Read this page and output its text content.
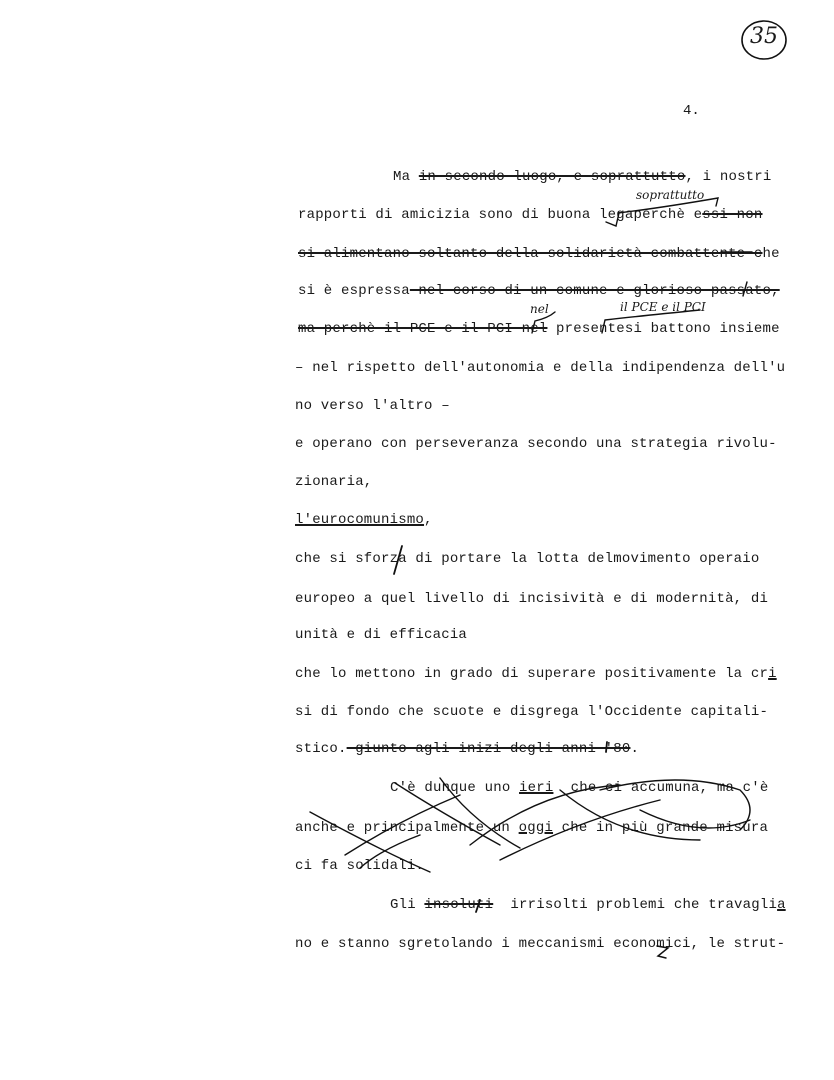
35
4.
Ma in secondo luogo, e soprattutto, i nostri
soprattutto
rapporti di amicizia sono di buona legaperchè essi non
si alimentano soltanto della solidarietà combattente che
si è espressa nel corso di un comune e glorioso passato,
nel	il PCE e il PCI
ma perchè il PCE e il PCI nel presentesi battono insieme
– nel rispetto dell'autonomia e della indipendenza dell'u
no verso l'altro –
e operano con perseveranza secondo una strategia rivolu-
zionaria,
l'eurocomunismo,
che si sforza di portare la lotta delmovimento operaio
europeo a quel livello di incisività e di modernità, di
unità e di efficacia
che lo mettono in grado di superare positivamente la cri
si di fondo che scuote e disgrega l'Occidente capitali-
stico. giunto agli inizi degli anni '80.
C'è dunque uno ieri  che ci accumuna, ma c'è
anche e principalmente un oggi che in più grande misura
ci fa solidali.
Gli insoluti  irrisolti problemi che travaglia
no e stanno sgretolando i meccanismi economici, le strut-
